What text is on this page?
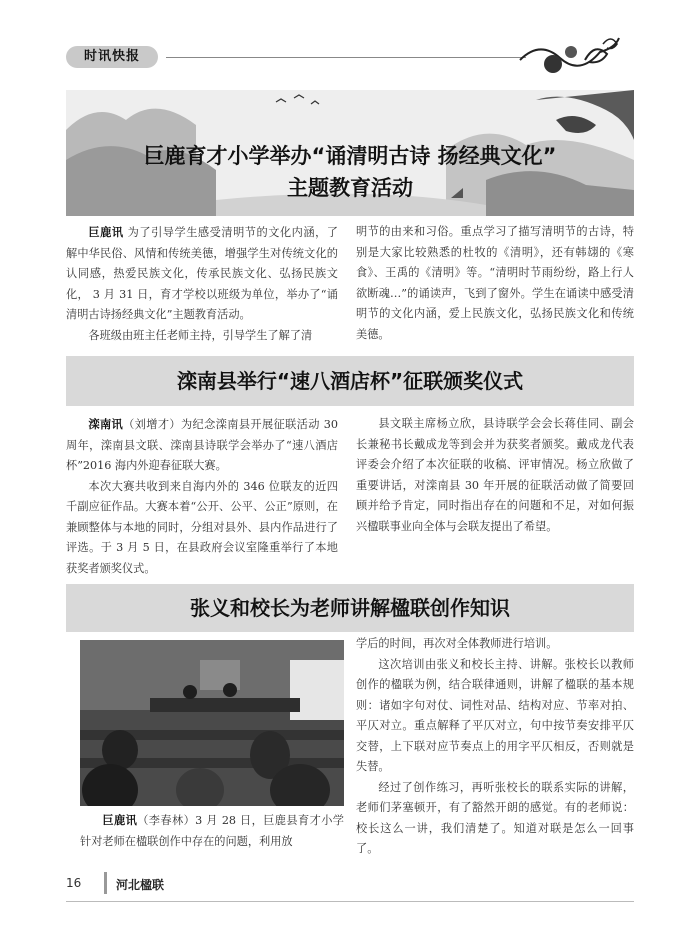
时讯快报
巨鹿育才小学举办“诵清明古诗 扬经典文化”
主题教育活动

巨鹿讯 为了引导学生感受清明节的文化内涵，了解中华民俗、风情和传统美德，增强学生对传统文化的认同感，热爱民族文化，传承民族文化、弘扬民族文化， 3 月 31 日，育才学校以班级为单位，举办了“诵清明古诗扬经典文化”主题教育活动。

各班级由班主任老师主持，引导学生了解了清

明节的由来和习俗。重点学习了描写清明节的古诗，特别是大家比较熟悉的杜牧的《清明》，还有韩翃的《寒食》、王禹的《清明》等。“清明时节雨纷纷，路上行人欲断魂…”的诵读声，飞到了窗外。学生在诵读中感受清明节的文化内涵，爱上民族文化，弘扬民族文化和传统美德。

滦南县举行“速八酒店杯”征联颁奖仪式

滦南讯（刘增才）为纪念滦南县开展征联活动 30 周年，滦南县文联、滦南县诗联学会举办了“速八酒店杯”2016 海内外迎春征联大赛。

本次大赛共收到来自海内外的 346 位联友的近四千副应征作品。大赛本着“公开、公平、公正”原则，在兼顾整体与本地的同时，分组对县外、县内作品进行了评选。于 3 月 5 日，在县政府会议室隆重举行了本地获奖者颁奖仪式。

县文联主席杨立欣，县诗联学会会长蒋佳同、副会长兼秘书长戴成龙等到会并为获奖者颁奖。戴成龙代表评委会介绍了本次征联的收稿、评审情况。杨立欣做了重要讲话，对滦南县 30 年开展的征联活动做了简要回顾并给予肯定，同时指出存在的问题和不足，对如何振兴楹联事业向全体与会联友提出了希望。

张义和校长为老师讲解楹联创作知识

巨鹿讯（李春林）3 月 28 日，巨鹿县育才小学针对老师在楹联创作中存在的问题，利用放

学后的时间，再次对全体教师进行培训。

这次培训由张义和校长主持、讲解。张校长以教师创作的楹联为例，结合联律通则，讲解了楹联的基本规则：诸如字句对仗、词性对品、结构对应、节率对拍、平仄对立。重点解释了平仄对立，句中按节奏安排平仄交替，上下联对应节奏点上的用字平仄相反，否则就是失替。

经过了创作练习，再听张校长的联系实际的讲解，老师们茅塞顿开，有了豁然开朗的感觉。有的老师说：校长这么一讲，我们清楚了。知道对联是怎么一回事了。

16	河北楹联
